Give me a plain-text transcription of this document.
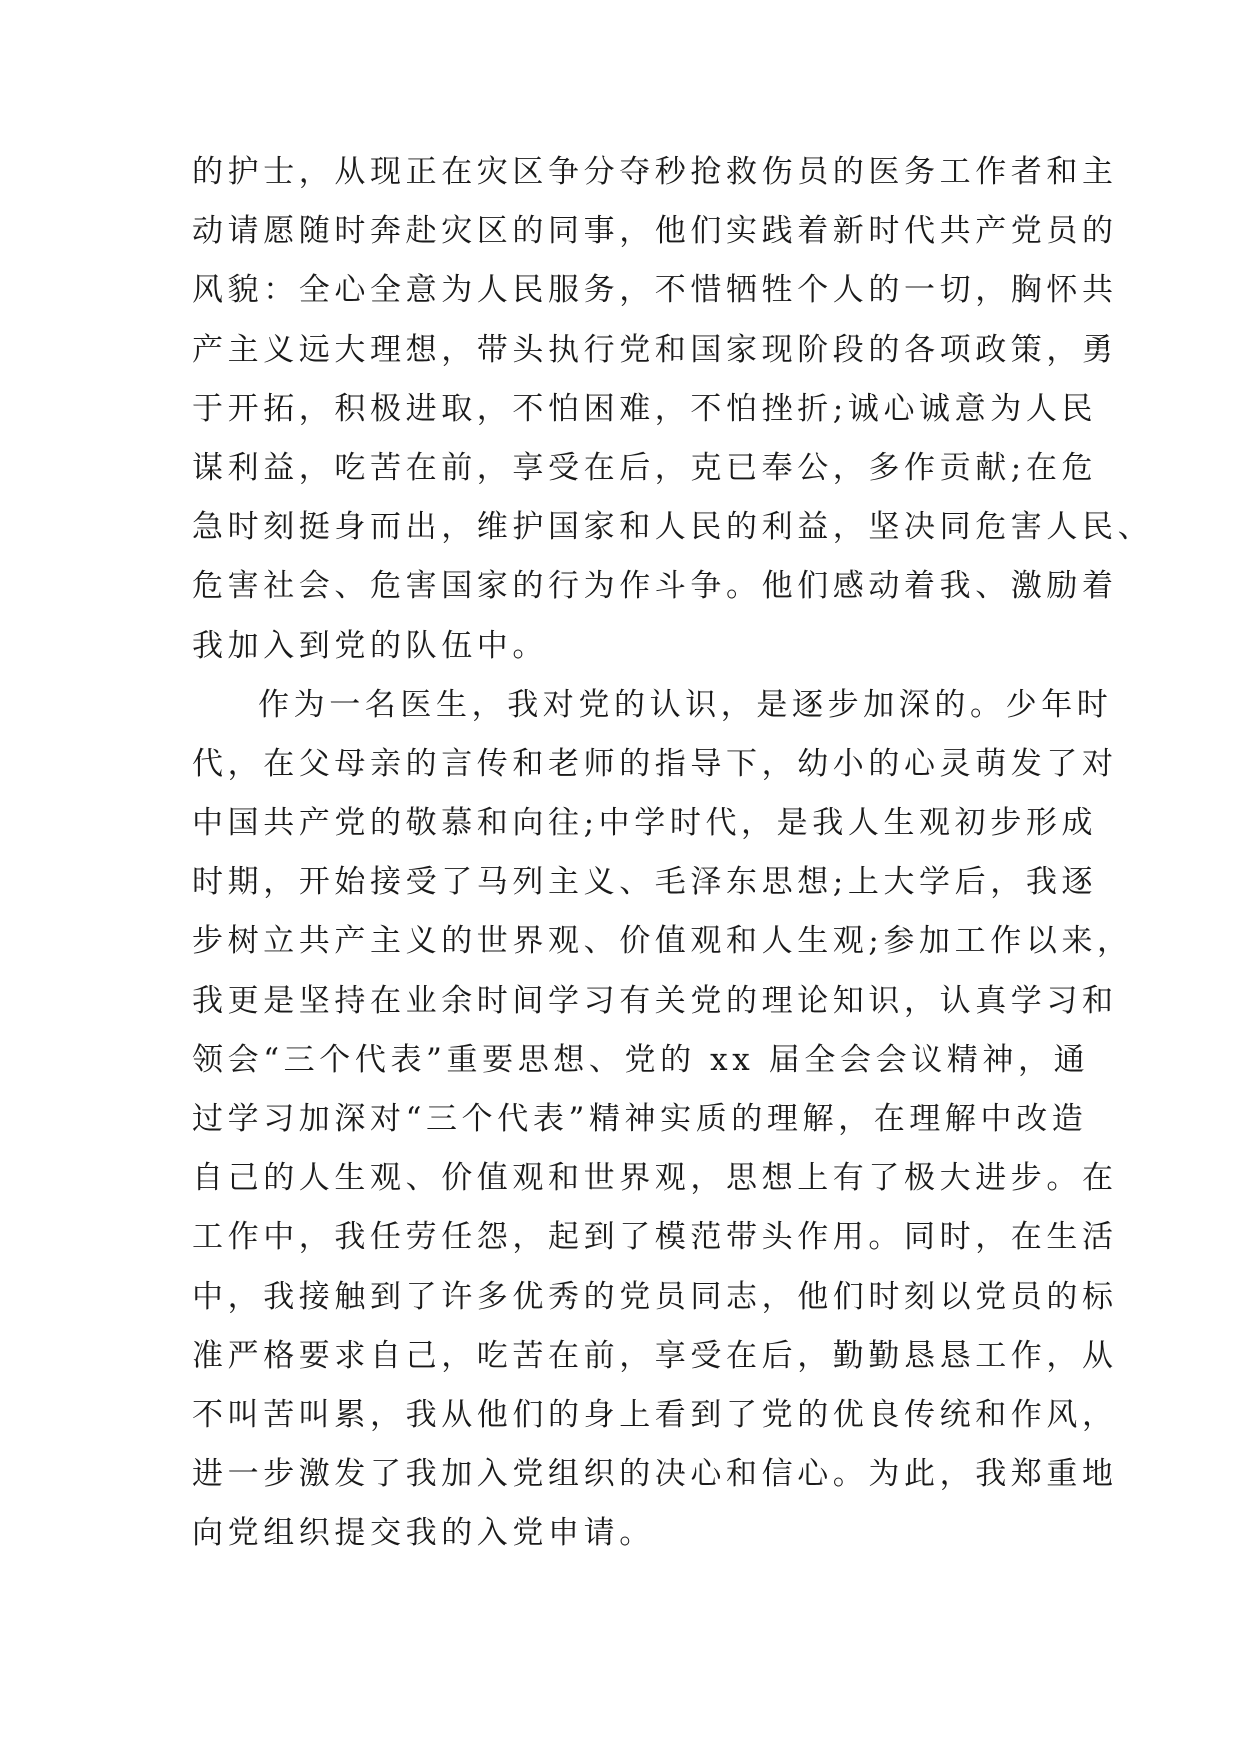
的护士，从现正在灾区争分夺秒抢救伤员的医务工作者和主
动请愿随时奔赴灾区的同事，他们实践着新时代共产党员的
风貌：全心全意为人民服务，不惜牺牲个人的一切，胸怀共
产主义远大理想，带头执行党和国家现阶段的各项政策，勇
于开拓，积极进取，不怕困难，不怕挫折;诚心诚意为人民
谋利益，吃苦在前，享受在后，克已奉公，多作贡献;在危
急时刻挺身而出，维护国家和人民的利益，坚决同危害人民、
危害社会、危害国家的行为作斗争。他们感动着我、激励着
我加入到党的队伍中。
作为一名医生，我对党的认识，是逐步加深的。少年时
代，在父母亲的言传和老师的指导下，幼小的心灵萌发了对
中国共产党的敬慕和向往;中学时代，是我人生观初步形成
时期，开始接受了马列主义、毛泽东思想;上大学后，我逐
步树立共产主义的世界观、价值观和人生观;参加工作以来，
我更是坚持在业余时间学习有关党的理论知识，认真学习和
领会“三个代表”重要思想、党的 xx 届全会会议精神，通
过学习加深对“三个代表”精神实质的理解，在理解中改造
自己的人生观、价值观和世界观，思想上有了极大进步。在
工作中，我任劳任怨，起到了模范带头作用。同时，在生活
中，我接触到了许多优秀的党员同志，他们时刻以党员的标
准严格要求自己，吃苦在前，享受在后，勤勤恳恳工作，从
不叫苦叫累，我从他们的身上看到了党的优良传统和作风，
进一步激发了我加入党组织的决心和信心。为此，我郑重地
向党组织提交我的入党申请。
